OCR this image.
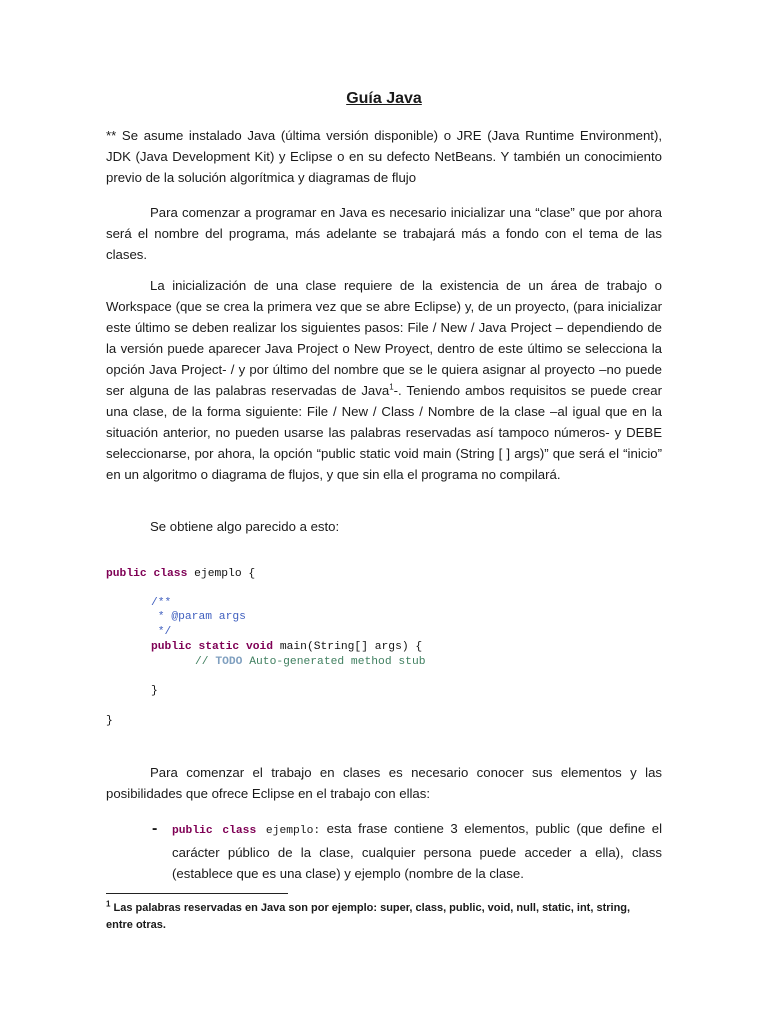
Guía Java

** Se asume instalado Java (última versión disponible) o JRE (Java Runtime Environment), JDK (Java Development Kit) y Eclipse o en su defecto NetBeans. Y también un conocimiento previo de la solución algorítmica y diagramas de flujo

Para comenzar a programar en Java es necesario inicializar una “clase” que por ahora será el nombre del programa, más adelante se trabajará más a fondo con el tema de las clases.

La inicialización de una clase requiere de la existencia de un área de trabajo o Workspace (que se crea la primera vez que se abre Eclipse) y, de un proyecto, (para inicializar este último se deben realizar los siguientes pasos: File / New / Java Project – dependiendo de la versión puede aparecer Java Project o New Proyect, dentro de este último se selecciona la opción Java Project- / y por último del nombre que se le quiera asignar al proyecto –no puede ser alguna de las palabras reservadas de Java$^1$-. Teniendo ambos requisitos se puede crear una clase, de la forma siguiente: File / New / Class / Nombre de la clase –al igual que en la situación anterior, no pueden usarse las palabras reservadas así tampoco números- y DEBE seleccionarse, por ahora, la opción “public static void main (String [ ] args)” que será el “inicio” en un algoritmo o diagrama de flujos, y que sin ella el programa no compilará.

Se obtiene algo parecido a esto:

public class ejemplo {
/**
* @param args
*/
public static void main(String[] args) {
// TODO Auto-generated method stub
}
}

Para comenzar el trabajo en clases es necesario conocer sus elementos y las posibilidades que ofrece Eclipse en el trabajo con ellas:

- public class ejemplo: esta frase contiene 3 elementos, public (que define el carácter público de la clase, cualquier persona puede acceder a ella), class (establece que es una clase) y ejemplo (nombre de la clase.

$^1$ Las palabras reservadas en Java son por ejemplo: super, class, public, void, null, static, int, string, entre otras.
